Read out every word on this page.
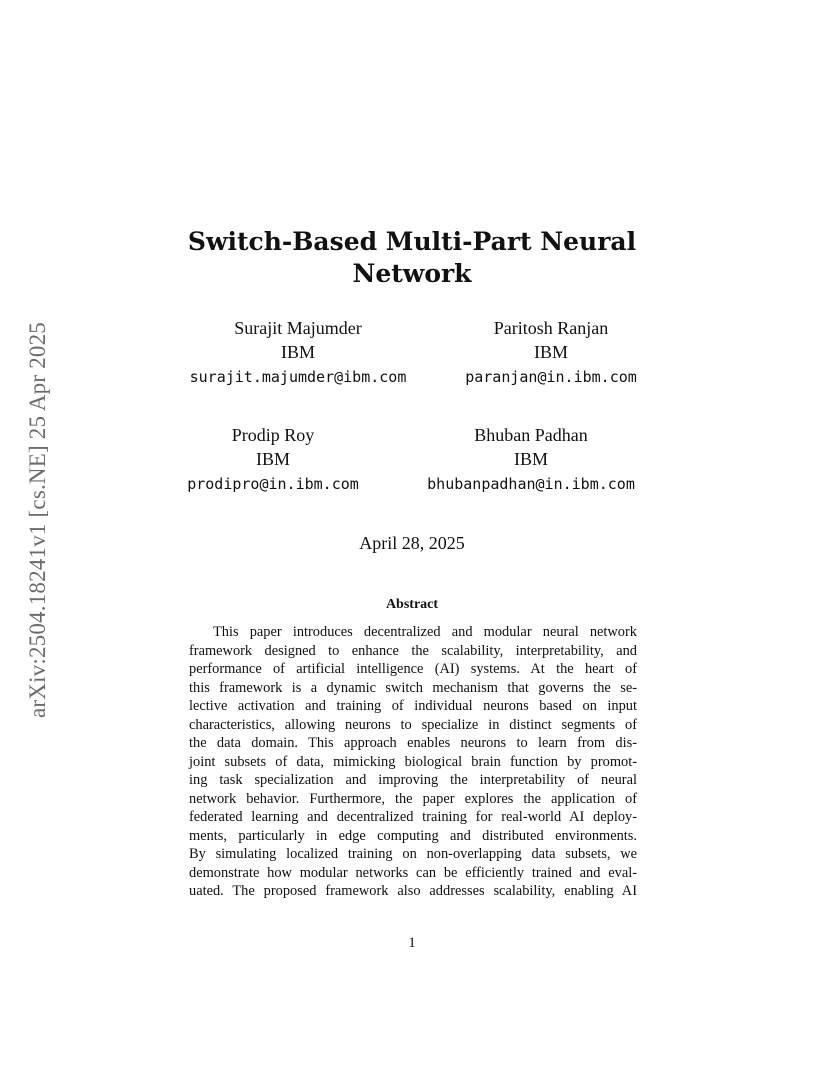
arXiv:2504.18241v1 [cs.NE] 25 Apr 2025
Switch-Based Multi-Part Neural
Network
Surajit Majumder
IBM
surajit.majumder@ibm.com
Paritosh Ranjan
IBM
paranjan@in.ibm.com
Prodip Roy
IBM
prodipro@in.ibm.com
Bhuban Padhan
IBM
bhubanpadhan@in.ibm.com
April 28, 2025
Abstract
This paper introduces decentralized and modular neural network
framework designed to enhance the scalability, interpretability, and
performance of artificial intelligence (AI) systems. At the heart of
this framework is a dynamic switch mechanism that governs the se-
lective activation and training of individual neurons based on input
characteristics, allowing neurons to specialize in distinct segments of
the data domain. This approach enables neurons to learn from dis-
joint subsets of data, mimicking biological brain function by promot-
ing task specialization and improving the interpretability of neural
network behavior. Furthermore, the paper explores the application of
federated learning and decentralized training for real-world AI deploy-
ments, particularly in edge computing and distributed environments.
By simulating localized training on non-overlapping data subsets, we
demonstrate how modular networks can be efficiently trained and eval-
uated. The proposed framework also addresses scalability, enabling AI
1
